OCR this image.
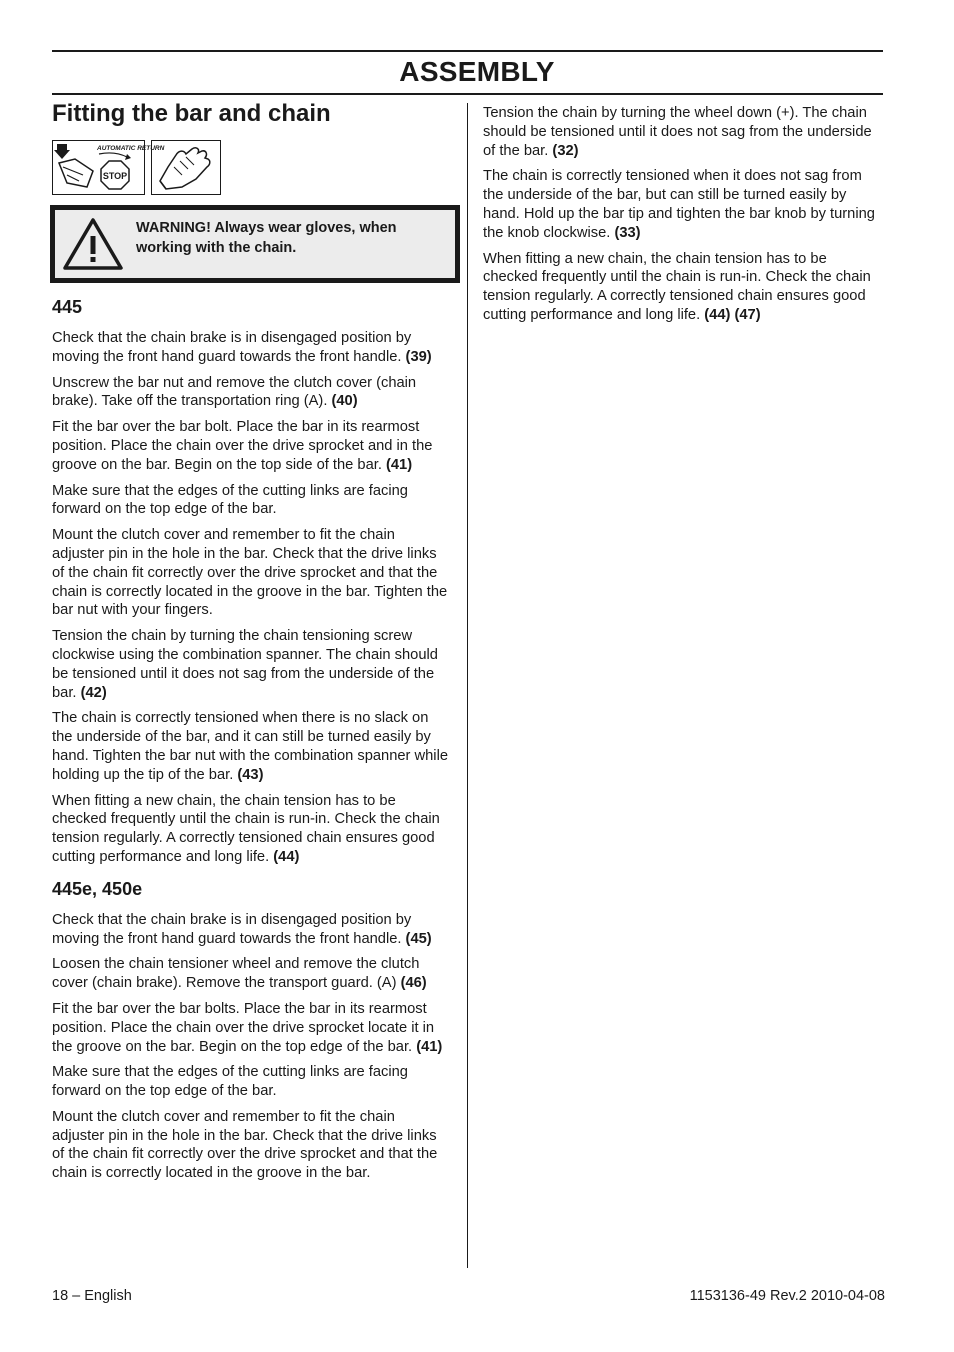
ASSEMBLY
Fitting the bar and chain
AUTOMATIC RETURN
STOP
WARNING! Always wear gloves, when working with the chain.
445

Check that the chain brake is in disengaged position by moving the front hand guard towards the front handle. (39)

Unscrew the bar nut and remove the clutch cover (chain brake). Take off the transportation ring (A). (40)

Fit the bar over the bar bolt. Place the bar in its rearmost position. Place the chain over the drive sprocket and in the groove on the bar. Begin on the top side of the bar. (41)

Make sure that the edges of the cutting links are facing forward on the top edge of the bar.

Mount the clutch cover and remember to fit the chain adjuster pin in the hole in the bar. Check that the drive links of the chain fit correctly over the drive sprocket and that the chain is correctly located in the groove in the bar. Tighten the bar nut with your fingers.

Tension the chain by turning the chain tensioning screw clockwise using the combination spanner. The chain should be tensioned until it does not sag from the underside of the bar. (42)

The chain is correctly tensioned when there is no slack on the underside of the bar, and it can still be turned easily by hand. Tighten the bar nut with the combination spanner while holding up the tip of the bar. (43)

When fitting a new chain, the chain tension has to be checked frequently until the chain is run-in. Check the chain tension regularly. A correctly tensioned chain ensures good cutting performance and long life. (44)

445e, 450e

Check that the chain brake is in disengaged position by moving the front hand guard towards the front handle. (45)

Loosen the chain tensioner wheel and remove the clutch cover (chain brake). Remove the transport guard. (A) (46)

Fit the bar over the bar bolts. Place the bar in its rearmost position. Place the chain over the drive sprocket locate it in the groove on the bar. Begin on the top edge of the bar. (41)

Make sure that the edges of the cutting links are facing forward on the top edge of the bar.

Mount the clutch cover and remember to fit the chain adjuster pin in the hole in the bar. Check that the drive links of the chain fit correctly over the drive sprocket and that the chain is correctly located in the groove in the bar.

Tension the chain by turning the wheel down (+). The chain should be tensioned until it does not sag from the underside of the bar. (32)

The chain is correctly tensioned when it does not sag from the underside of the bar, but can still be turned easily by hand. Hold up the bar tip and tighten the bar knob by turning the knob clockwise. (33)

When fitting a new chain, the chain tension has to be checked frequently until the chain is run-in. Check the chain tension regularly. A correctly tensioned chain ensures good cutting performance and long life. (44) (47)

18 – English	1153136-49 Rev.2 2010-04-08
